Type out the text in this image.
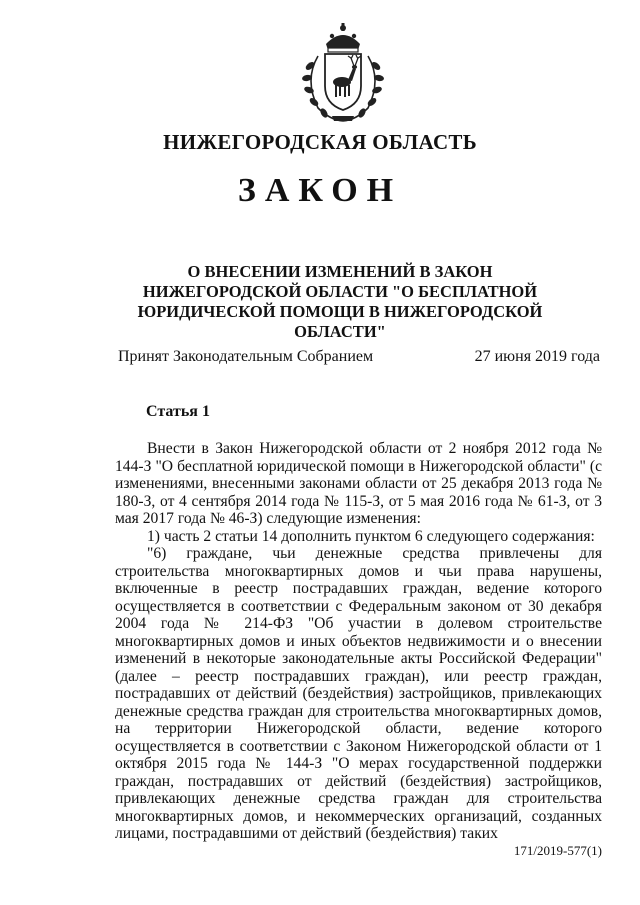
НИЖЕГОРОДСКАЯ ОБЛАСТЬ
ЗАКОН
О ВНЕСЕНИИ ИЗМЕНЕНИЙ В ЗАКОН НИЖЕГОРОДСКОЙ ОБЛАСТИ "О БЕСПЛАТНОЙ ЮРИДИЧЕСКОЙ ПОМОЩИ В НИЖЕГОРОДСКОЙ ОБЛАСТИ"
Принят Законодательным Собранием	27 июня 2019 года
Статья 1

Внести в Закон Нижегородской области от 2 ноября 2012 года № 144-З "О бесплатной юридической помощи в Нижегородской области" (с изменениями, внесенными законами области от 25 декабря 2013 года № 180-З, от 4 сентября 2014 года № 115-З, от 5 мая 2016 года № 61-З, от 3 мая 2017 года № 46-З) следующие изменения:

1) часть 2 статьи 14 дополнить пунктом 6 следующего содержания:

"6) граждане, чьи денежные средства привлечены для строительства многоквартирных домов и чьи права нарушены, включенные в реестр пострадавших граждан, ведение которого осуществляется в соответствии с Федеральным законом от 30 декабря 2004 года № 214-ФЗ "Об участии в долевом строительстве многоквартирных домов и иных объектов недвижимости и о внесении изменений в некоторые законодательные акты Российской Федерации" (далее – реестр пострадавших граждан), или реестр граждан, пострадавших от действий (бездействия) застройщиков, привлекающих денежные средства граждан для строительства многоквартирных домов, на территории Нижегородской области, ведение которого осуществляется в соответствии с Законом Нижегородской области от 1 октября 2015 года № 144-З "О мерах государственной поддержки граждан, пострадавших от действий (бездействия) застройщиков, привлекающих денежные средства граждан для строительства многоквартирных домов, и некоммерческих организаций, созданных лицами, пострадавшими от действий (бездействия) таких

171/2019-577(1)
